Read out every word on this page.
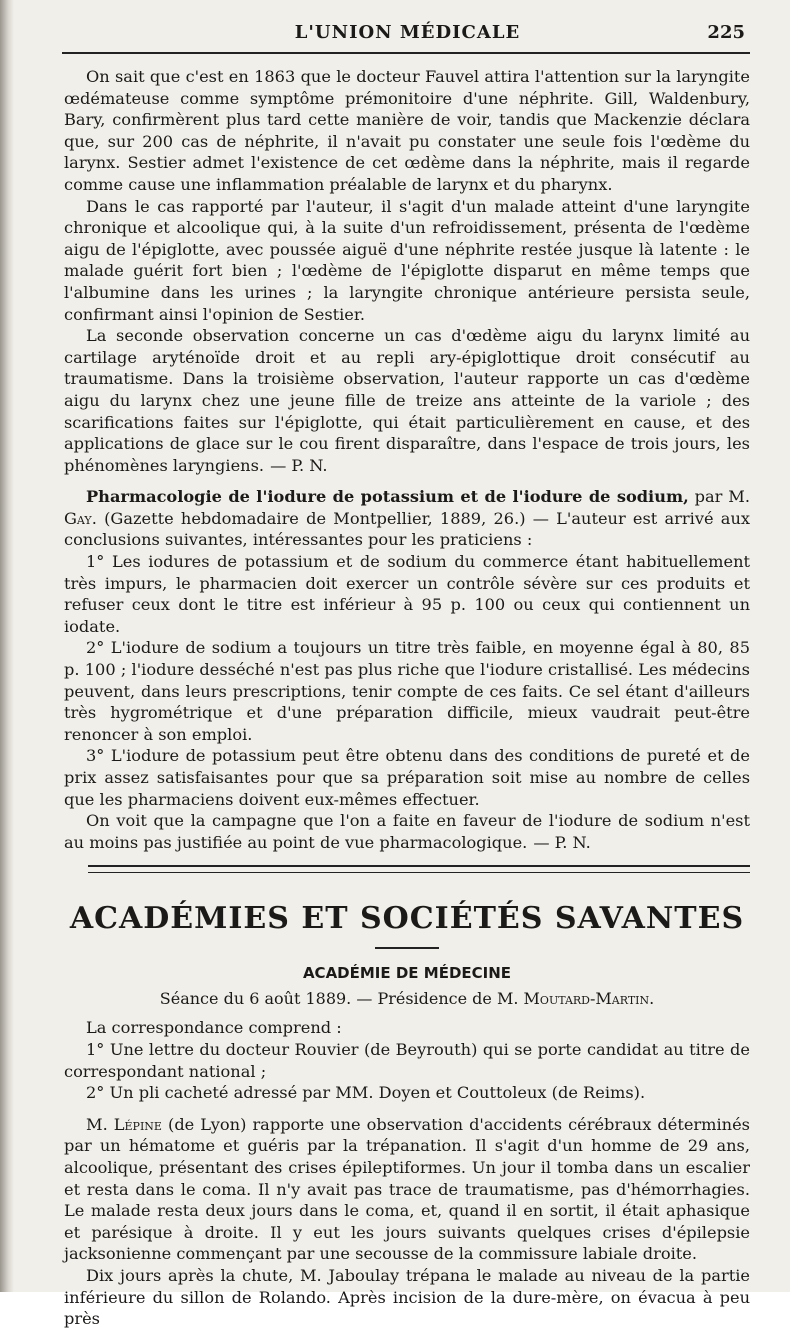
L'UNION MÉDICALE	225

On sait que c'est en 1863 que le docteur Fauvel attira l'attention sur la laryngite œdémateuse comme symptôme prémonitoire d'une néphrite. Gill, Waldenbury, Bary, confirmèrent plus tard cette manière de voir, tandis que Mackenzie déclara que, sur 200 cas de néphrite, il n'avait pu constater une seule fois l'œdème du larynx. Sestier admet l'existence de cet œdème dans la néphrite, mais il regarde comme cause une inflammation préalable de larynx et du pharynx.

Dans le cas rapporté par l'auteur, il s'agit d'un malade atteint d'une laryngite chronique et alcoolique qui, à la suite d'un refroidissement, présenta de l'œdème aigu de l'épiglotte, avec poussée aiguë d'une néphrite restée jusque là latente : le malade guérit fort bien ; l'œdème de l'épiglotte disparut en même temps que l'albumine dans les urines ; la laryngite chronique antérieure persista seule, confirmant ainsi l'opinion de Sestier.

La seconde observation concerne un cas d'œdème aigu du larynx limité au cartilage aryténoïde droit et au repli ary-épiglottique droit consécutif au traumatisme. Dans la troisième observation, l'auteur rapporte un cas d'œdème aigu du larynx chez une jeune fille de treize ans atteinte de la variole ; des scarifications faites sur l'épiglotte, qui était particulièrement en cause, et des applications de glace sur le cou firent disparaître, dans l'espace de trois jours, les phénomènes laryngiens. — P. N.

Pharmacologie de l'iodure de potassium et de l'iodure de sodium, par M. Gay. (Gazette hebdomadaire de Montpellier, 1889, 26.) — L'auteur est arrivé aux conclusions suivantes, intéressantes pour les praticiens :

1° Les iodures de potassium et de sodium du commerce étant habituellement très impurs, le pharmacien doit exercer un contrôle sévère sur ces produits et refuser ceux dont le titre est inférieur à 95 p. 100 ou ceux qui contiennent un iodate.

2° L'iodure de sodium a toujours un titre très faible, en moyenne égal à 80, 85 p. 100 ; l'iodure desséché n'est pas plus riche que l'iodure cristallisé. Les médecins peuvent, dans leurs prescriptions, tenir compte de ces faits. Ce sel étant d'ailleurs très hygrométrique et d'une préparation difficile, mieux vaudrait peut-être renoncer à son emploi.

3° L'iodure de potassium peut être obtenu dans des conditions de pureté et de prix assez satisfaisantes pour que sa préparation soit mise au nombre de celles que les pharmaciens doivent eux-mêmes effectuer.

On voit que la campagne que l'on a faite en faveur de l'iodure de sodium n'est au moins pas justifiée au point de vue pharmacologique. — P. N.

ACADÉMIES ET SOCIÉTÉS SAVANTES
ACADÉMIE DE MÉDECINE
Séance du 6 août 1889. — Présidence de M. Moutard-Martin.

La correspondance comprend :

1° Une lettre du docteur Rouvier (de Beyrouth) qui se porte candidat au titre de correspondant national ;

2° Un pli cacheté adressé par MM. Doyen et Couttoleux (de Reims).

M. Lépine (de Lyon) rapporte une observation d'accidents cérébraux déterminés par un hématome et guéris par la trépanation. Il s'agit d'un homme de 29 ans, alcoolique, présentant des crises épileptiformes. Un jour il tomba dans un escalier et resta dans le coma. Il n'y avait pas trace de traumatisme, pas d'hémorrhagies. Le malade resta deux jours dans le coma, et, quand il en sortit, il était aphasique et parésique à droite. Il y eut les jours suivants quelques crises d'épilepsie jacksonienne commençant par une secousse de la commissure labiale droite.

Dix jours après la chute, M. Jaboulay trépana le malade au niveau de la partie inférieure du sillon de Rolando. Après incision de la dure-mère, on évacua à peu près
